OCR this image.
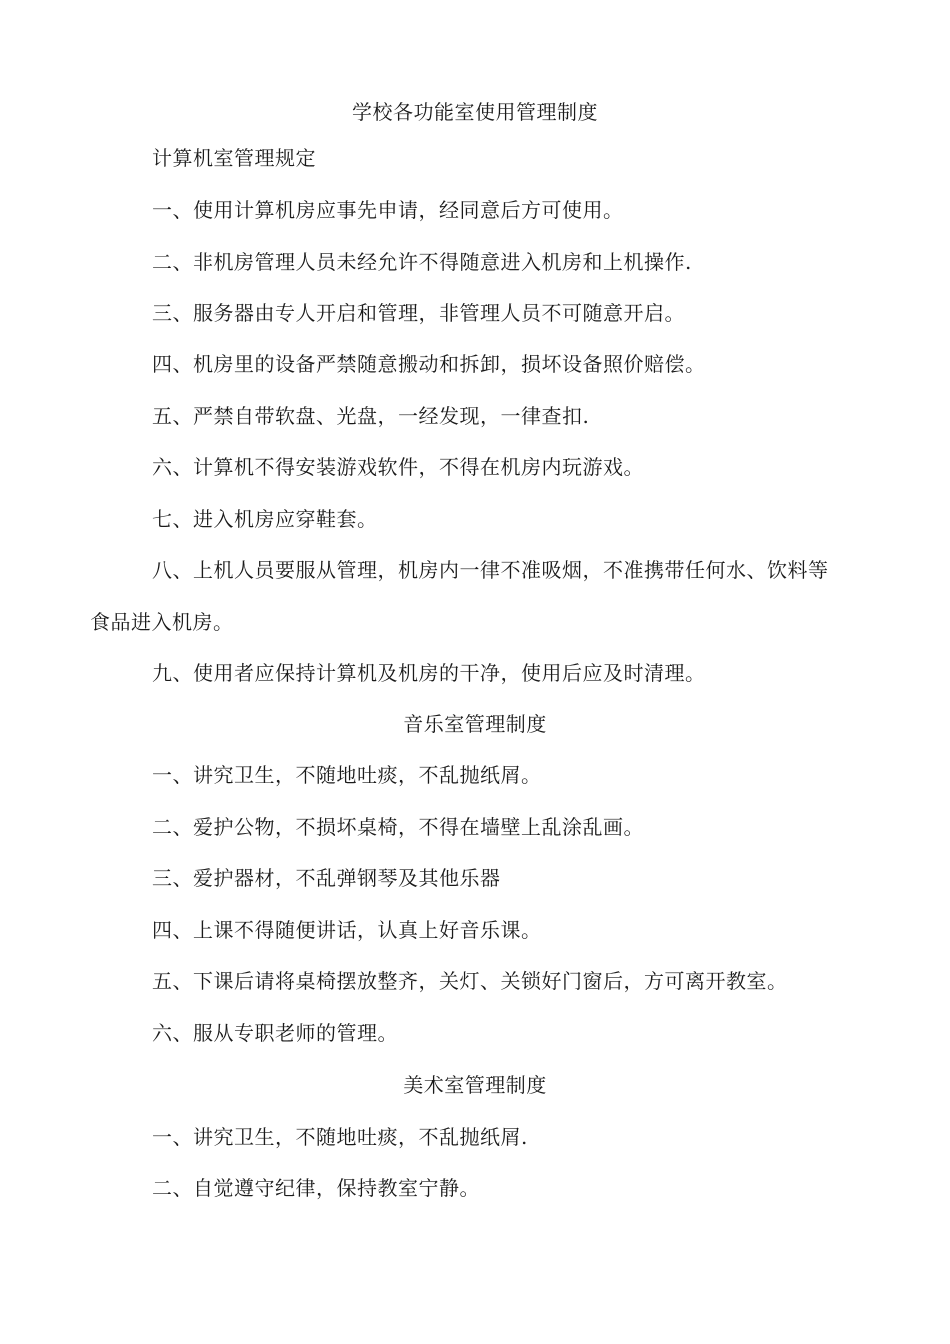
学校各功能室使用管理制度
计算机室管理规定
一、使用计算机房应事先申请，经同意后方可使用。
二、非机房管理人员未经允许不得随意进入机房和上机操作.
三、服务器由专人开启和管理，非管理人员不可随意开启。
四、机房里的设备严禁随意搬动和拆卸，损坏设备照价赔偿。
五、严禁自带软盘、光盘，一经发现，一律查扣.
六、计算机不得安装游戏软件，不得在机房内玩游戏。
七、进入机房应穿鞋套。
八、上机人员要服从管理，机房内一律不准吸烟，不准携带任何水、饮料等
食品进入机房。
九、使用者应保持计算机及机房的干净，使用后应及时清理。
音乐室管理制度
一、讲究卫生，不随地吐痰，不乱抛纸屑。
二、爱护公物，不损坏桌椅，不得在墙壁上乱涂乱画。
三、爱护器材，不乱弹钢琴及其他乐器
四、上课不得随便讲话，认真上好音乐课。
五、下课后请将桌椅摆放整齐，关灯、关锁好门窗后，方可离开教室。
六、服从专职老师的管理。
美术室管理制度
一、讲究卫生，不随地吐痰，不乱抛纸屑.
二、自觉遵守纪律，保持教室宁静。
